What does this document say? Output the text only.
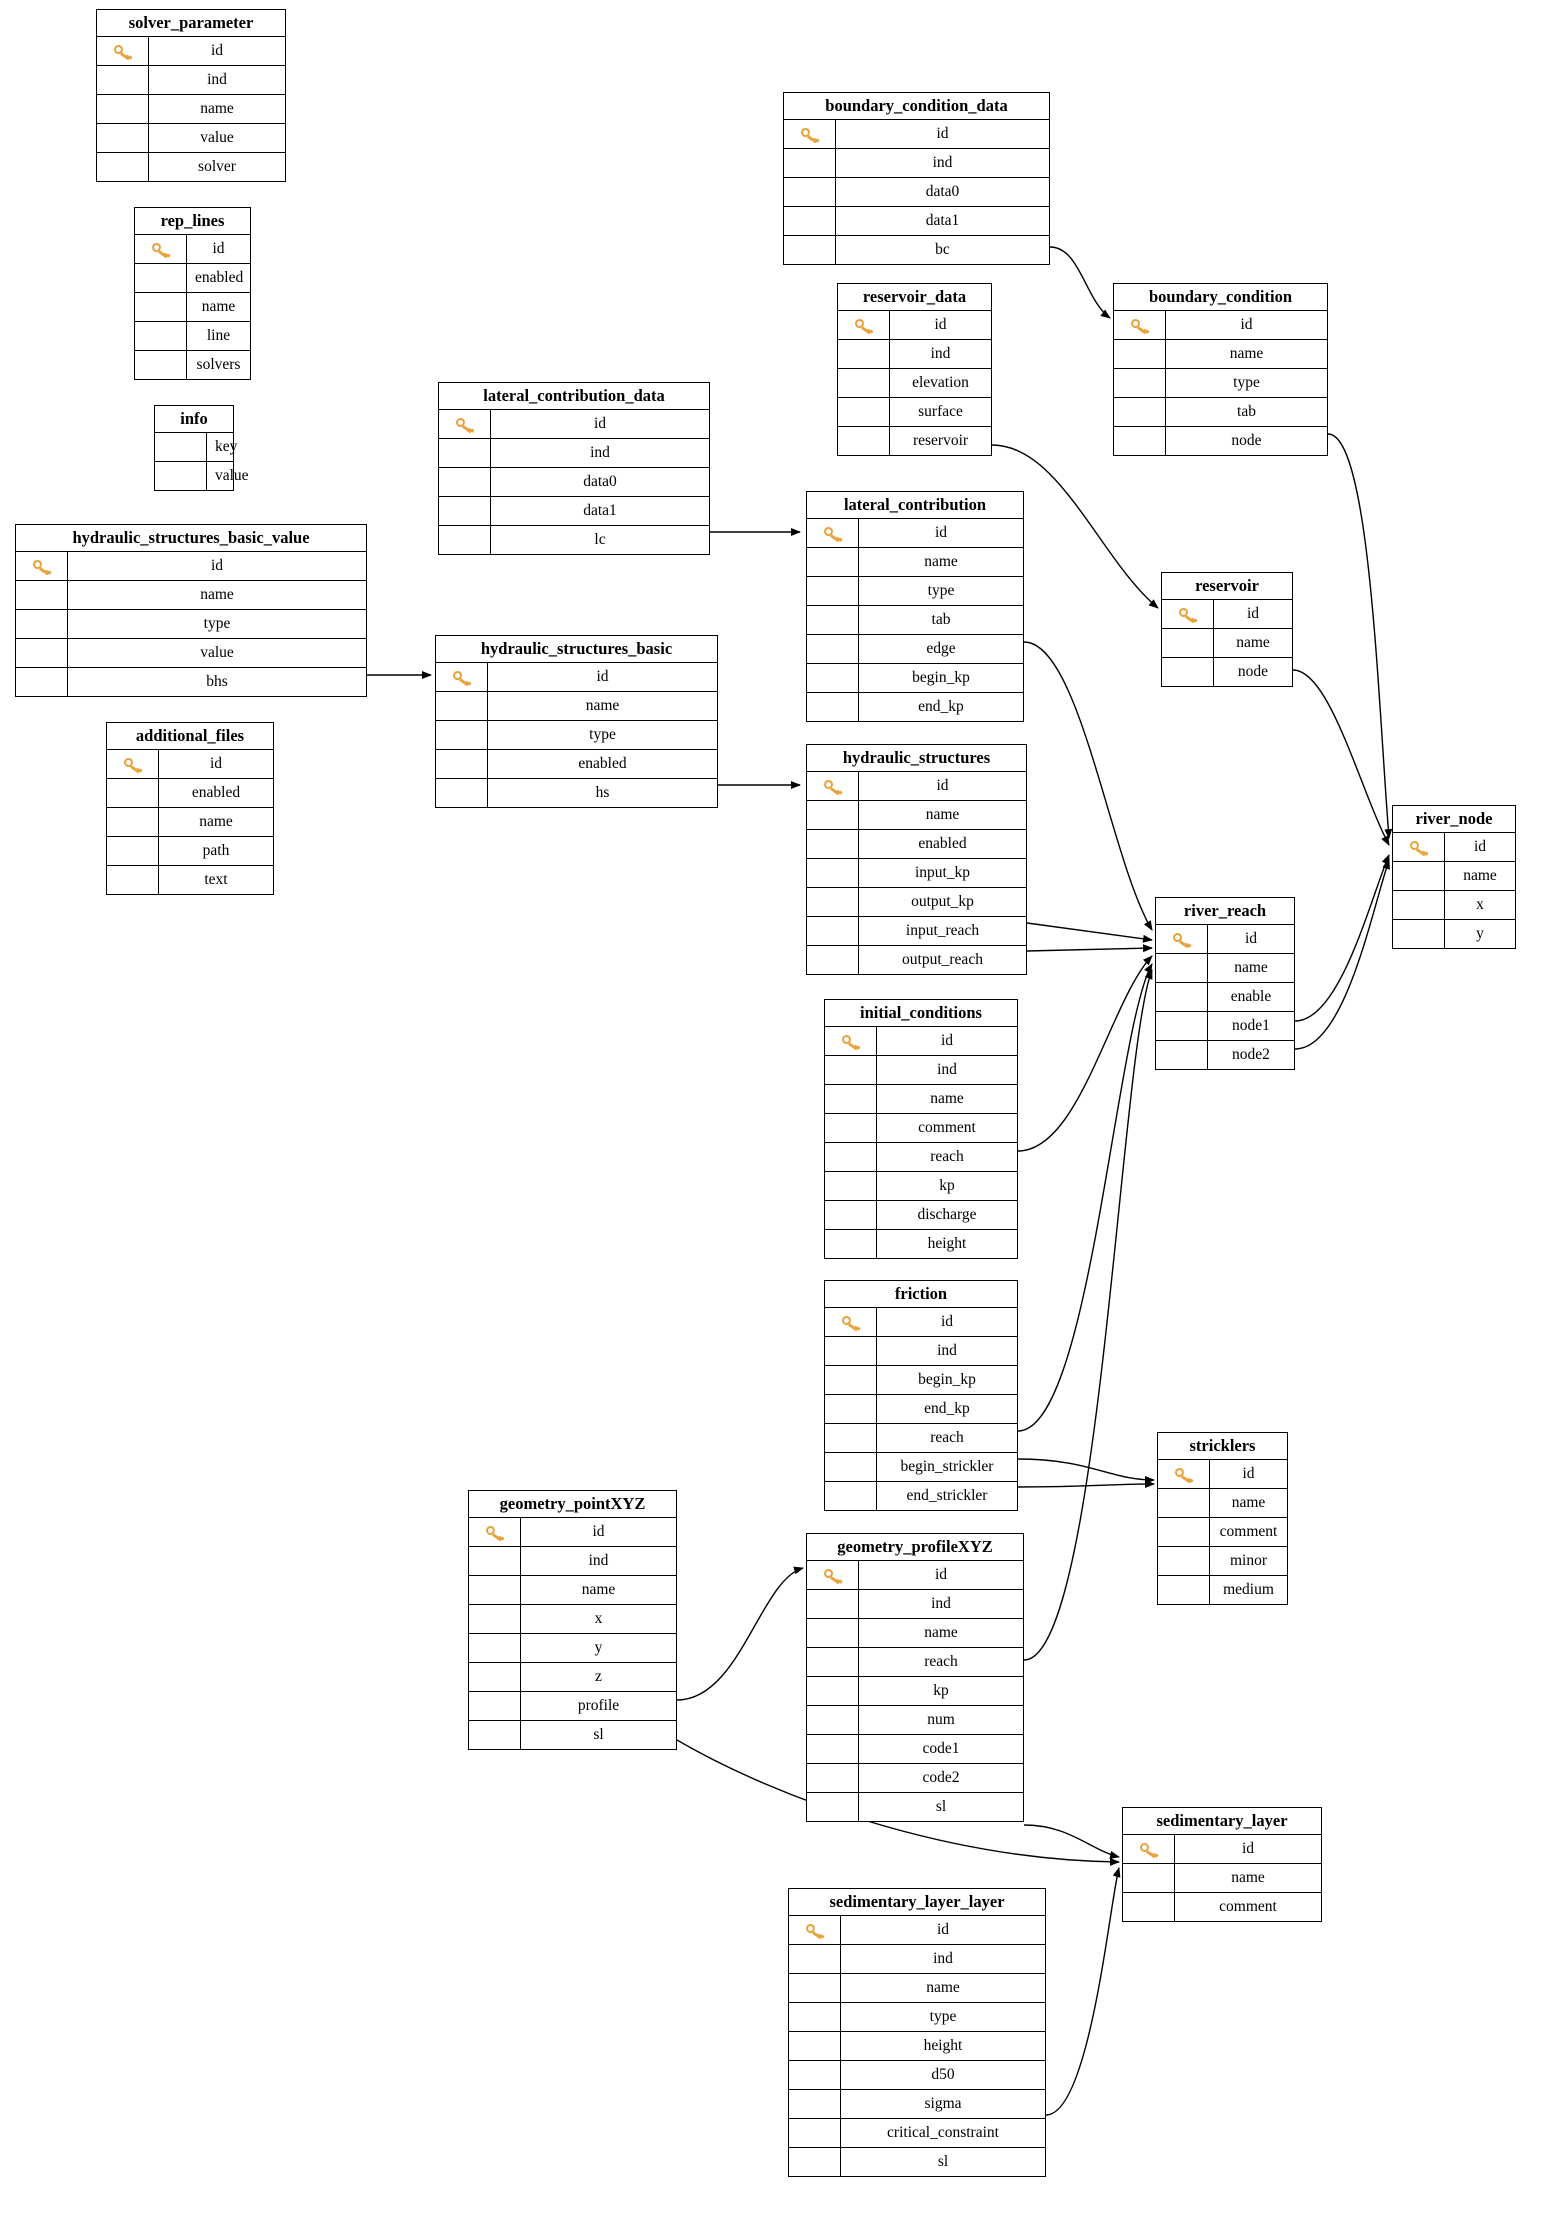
solver_parameter
id
ind
name
value
solver
rep_lines
id
enabled
name
line
solvers
info
key
value
hydraulic_structures_basic_value
id
name
type
value
bhs
additional_files
id
enabled
name
path
text
lateral_contribution_data
id
ind
data0
data1
lc
hydraulic_structures_basic
id
name
type
enabled
hs
boundary_condition_data
id
ind
data0
data1
bc
reservoir_data
id
ind
elevation
surface
reservoir
boundary_condition
id
name
type
tab
node
lateral_contribution
id
name
type
tab
edge
begin_kp
end_kp
reservoir
id
name
node
hydraulic_structures
id
name
enabled
input_kp
output_kp
input_reach
output_reach
river_node
id
name
x
y
river_reach
id
name
enable
node1
node2
initial_conditions
id
ind
name
comment
reach
kp
discharge
height
friction
id
ind
begin_kp
end_kp
reach
begin_strickler
end_strickler
stricklers
id
name
comment
minor
medium
geometry_pointXYZ
id
ind
name
x
y
z
profile
sl
geometry_profileXYZ
id
ind
name
reach
kp
num
code1
code2
sl
sedimentary_layer
id
name
comment
sedimentary_layer_layer
id
ind
name
type
height
d50
sigma
critical_constraint
sl
